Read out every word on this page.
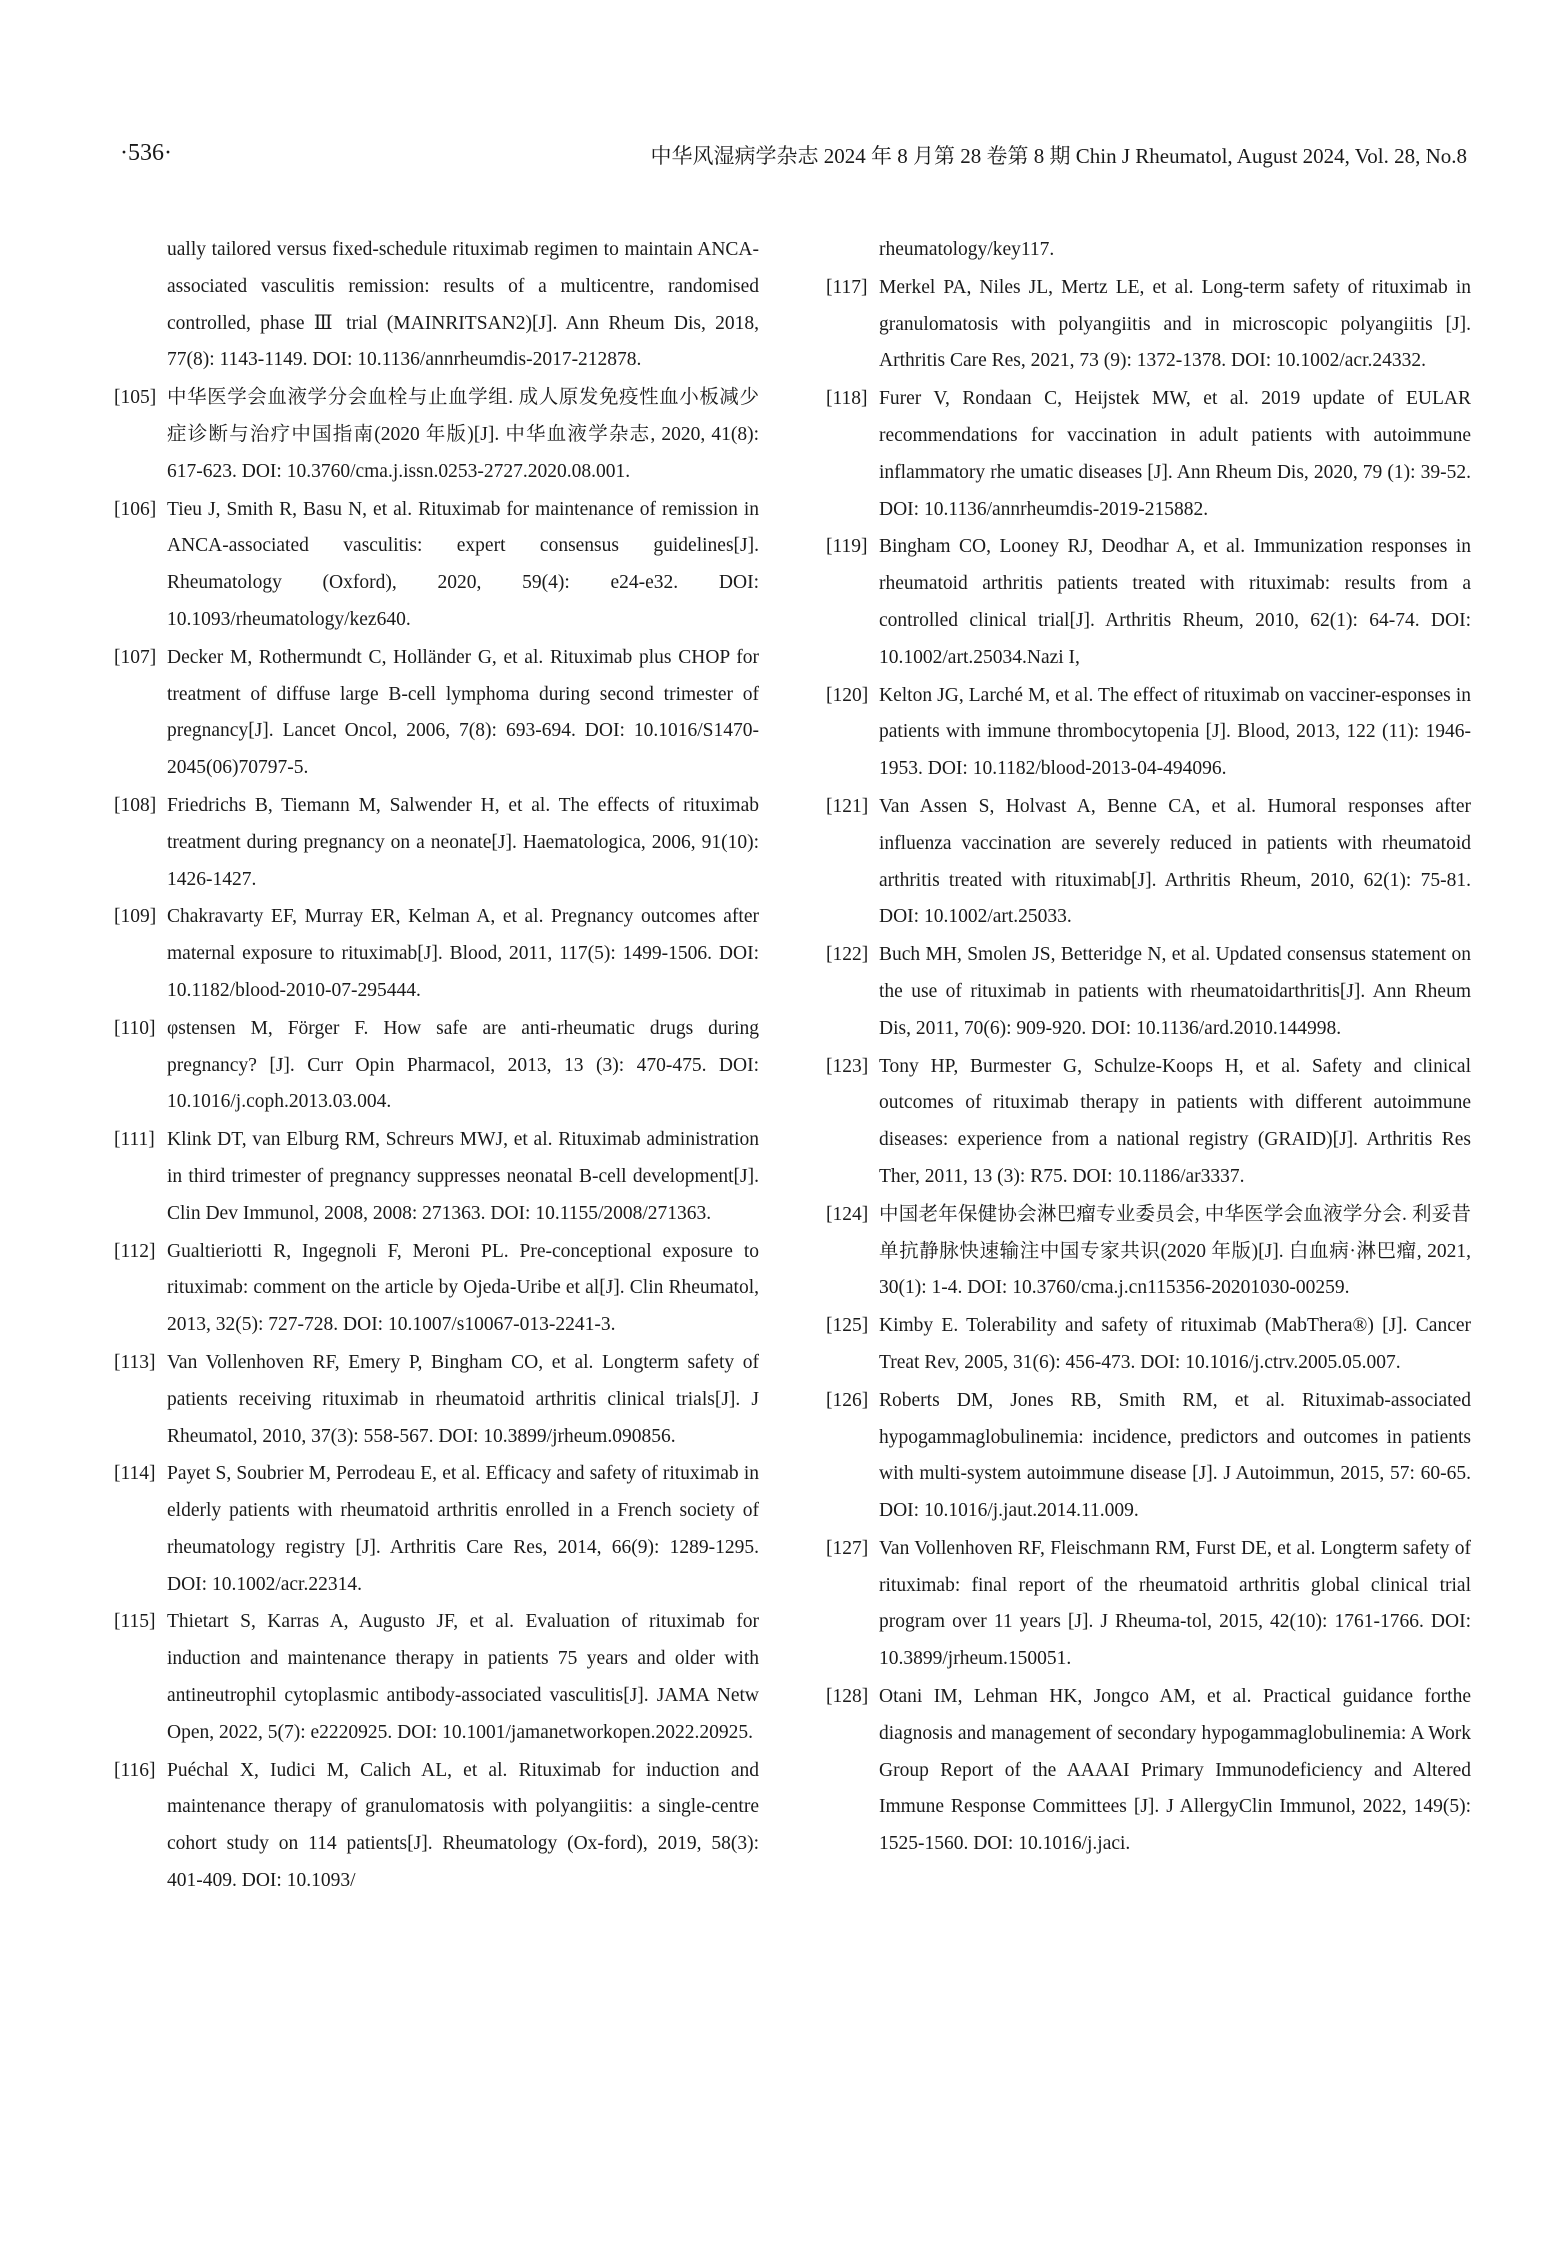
·536·	中华风湿病学杂志 2024 年 8 月第 28 卷第 8 期 Chin J Rheumatol, August 2024, Vol. 28, No.8
ually tailored versus fixed-schedule rituximab regimen to maintain ANCA-associated vasculitis remission: results of a multicentre, randomised controlled, phase Ⅲ trial (MAINRITSAN2)[J]. Ann Rheum Dis, 2018, 77(8): 1143-1149. DOI: 10.1136/annrheumdis-2017-212878.
[105] 中华医学会血液学分会血栓与止血学组. 成人原发免疫性血小板减少症诊断与治疗中国指南(2020 年版)[J]. 中华血液学杂志, 2020, 41(8): 617-623. DOI: 10.3760/cma.j.issn.0253-2727.2020.08.001.
[106] Tieu J, Smith R, Basu N, et al. Rituximab for maintenance of remission in ANCA-associated vasculitis: expert consensus guidelines[J]. Rheumatology (Oxford), 2020, 59(4): e24-e32. DOI: 10.1093/rheumatology/kez640.
[107] Decker M, Rothermundt C, Holländer G, et al. Rituximab plus CHOP for treatment of diffuse large B-cell lymphoma during second trimester of pregnancy[J]. Lancet Oncol, 2006, 7(8): 693-694. DOI: 10.1016/S1470-2045(06)70797-5.
[108] Friedrichs B, Tiemann M, Salwender H, et al. The effects of rituximab treatment during pregnancy on a neonate[J]. Haematologica, 2006, 91(10): 1426-1427.
[109] Chakravarty EF, Murray ER, Kelman A, et al. Pregnancy outcomes after maternal exposure to rituximab[J]. Blood, 2011, 117(5): 1499-1506. DOI: 10.1182/blood-2010-07-295444.
[110] φstensen M, Förger F. How safe are anti-rheumatic drugs during pregnancy? [J]. Curr Opin Pharmacol, 2013, 13 (3): 470-475. DOI: 10.1016/j.coph.2013.03.004.
[111] Klink DT, van Elburg RM, Schreurs MWJ, et al. Rituximab administration in third trimester of pregnancy suppresses neonatal B-cell development[J]. Clin Dev Immunol, 2008, 2008: 271363. DOI: 10.1155/2008/271363.
[112] Gualtieriotti R, Ingegnoli F, Meroni PL. Pre-conceptional exposure to rituximab: comment on the article by Ojeda-Uribe et al[J]. Clin Rheumatol, 2013, 32(5): 727-728. DOI: 10.1007/s10067-013-2241-3.
[113] Van Vollenhoven RF, Emery P, Bingham CO, et al. Longterm safety of patients receiving rituximab in rheumatoid arthritis clinical trials[J]. J Rheumatol, 2010, 37(3): 558-567. DOI: 10.3899/jrheum.090856.
[114] Payet S, Soubrier M, Perrodeau E, et al. Efficacy and safety of rituximab in elderly patients with rheumatoid arthritis enrolled in a French society of rheumatology registry [J]. Arthritis Care Res, 2014, 66(9): 1289-1295. DOI: 10.1002/acr.22314.
[115] Thietart S, Karras A, Augusto JF, et al. Evaluation of rituximab for induction and maintenance therapy in patients 75 years and older with antineutrophil cytoplasmic antibody-associated vasculitis[J]. JAMA Netw Open, 2022, 5(7): e2220925. DOI: 10.1001/jamanetworkopen.2022.20925.
[116] Puéchal X, Iudici M, Calich AL, et al. Rituximab for induction and maintenance therapy of granulomatosis with polyangiitis: a single-centre cohort study on 114 patients[J]. Rheumatology (Ox-ford), 2019, 58(3): 401-409. DOI: 10.1093/
rheumatology/key117.
[117] Merkel PA, Niles JL, Mertz LE, et al. Long-term safety of rituximab in granulomatosis with polyangiitis and in microscopic polyangiitis [J]. Arthritis Care Res, 2021, 73 (9): 1372-1378. DOI: 10.1002/acr.24332.
[118] Furer V, Rondaan C, Heijstek MW, et al. 2019 update of EULAR recommendations for vaccination in adult patients with autoimmune inflammatory rhe umatic diseases [J]. Ann Rheum Dis, 2020, 79 (1): 39-52. DOI: 10.1136/annrheumdis-2019-215882.
[119] Bingham CO, Looney RJ, Deodhar A, et al. Immunization responses in rheumatoid arthritis patients treated with rituximab: results from a controlled clinical trial[J]. Arthritis Rheum, 2010, 62(1): 64-74. DOI: 10.1002/art.25034.Nazi I,
[120] Kelton JG, Larché M, et al. The effect of rituximab on vacciner-esponses in patients with immune thrombocytopenia [J]. Blood, 2013, 122 (11): 1946-1953. DOI: 10.1182/blood-2013-04-494096.
[121] Van Assen S, Holvast A, Benne CA, et al. Humoral responses after influenza vaccination are severely reduced in patients with rheumatoid arthritis treated with rituximab[J]. Arthritis Rheum, 2010, 62(1): 75-81. DOI: 10.1002/art.25033.
[122] Buch MH, Smolen JS, Betteridge N, et al. Updated consensus statement on the use of rituximab in patients with rheumatoidarthritis[J]. Ann Rheum Dis, 2011, 70(6): 909-920. DOI: 10.1136/ard.2010.144998.
[123] Tony HP, Burmester G, Schulze-Koops H, et al. Safety and clinical outcomes of rituximab therapy in patients with different autoimmune diseases: experience from a national registry (GRAID)[J]. Arthritis Res Ther, 2011, 13 (3): R75. DOI: 10.1186/ar3337.
[124] 中国老年保健协会淋巴瘤专业委员会, 中华医学会血液学分会. 利妥昔单抗静脉快速输注中国专家共识(2020 年版)[J]. 白血病·淋巴瘤, 2021, 30(1): 1-4. DOI: 10.3760/cma.j.cn115356-20201030-00259.
[125] Kimby E. Tolerability and safety of rituximab (MabThera®) [J]. Cancer Treat Rev, 2005, 31(6): 456-473. DOI: 10.1016/j.ctrv.2005.05.007.
[126] Roberts DM, Jones RB, Smith RM, et al. Rituximab-associated hypogammaglobulinemia: incidence, predictors and outcomes in patients with multi-system autoimmune disease [J]. J Autoimmun, 2015, 57: 60-65. DOI: 10.1016/j.jaut.2014.11.009.
[127] Van Vollenhoven RF, Fleischmann RM, Furst DE, et al. Longterm safety of rituximab: final report of the rheumatoid arthritis global clinical trial program over 11 years [J]. J Rheuma-tol, 2015, 42(10): 1761-1766. DOI: 10.3899/jrheum.150051.
[128] Otani IM, Lehman HK, Jongco AM, et al. Practical guidance forthe diagnosis and management of secondary hypogammaglobulinemia: A Work Group Report of the AAAAI Primary Immunodeficiency and Altered Immune Response Committees [J]. J AllergyClin Immunol, 2022, 149(5): 1525-1560. DOI: 10.1016/j.jaci.
